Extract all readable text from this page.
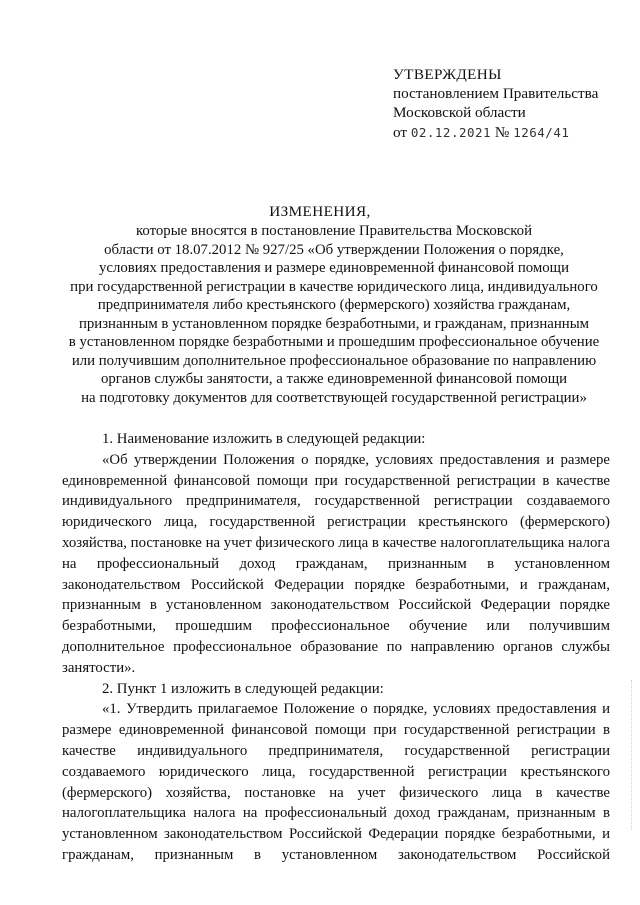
УТВЕРЖДЕНЫ
постановлением Правительства
Московской области
от 02.12.2021 № 1264/41
ИЗМЕНЕНИЯ,
которые вносятся в постановление Правительства Московской
области от 18.07.2012 № 927/25 «Об утверждении Положения о порядке,
условиях предоставления и размере единовременной финансовой помощи
при государственной регистрации в качестве юридического лица, индивидуального
предпринимателя либо крестьянского (фермерского) хозяйства гражданам,
признанным в установленном порядке безработными, и гражданам, признанным
в установленном порядке безработными и прошедшим профессиональное обучение
или получившим дополнительное профессиональное образование по направлению
органов службы занятости, а также единовременной финансовой помощи
на подготовку документов для соответствующей государственной регистрации»

1. Наименование изложить в следующей редакции:

«Об утверждении Положения о порядке, условиях предоставления и размере единовременной финансовой помощи при государственной регистрации в качестве индивидуального предпринимателя, государственной регистрации создаваемого юридического лица, государственной регистрации крестьянского (фермерского) хозяйства, постановке на учет физического лица в качестве налогоплательщика налога на профессиональный доход гражданам, признанным в установленном законодательством Российской Федерации порядке безработными, и гражданам, признанным в установленном законодательством Российской Федерации порядке безработными, прошедшим профессиональное обучение или получившим дополнительное профессиональное образование по направлению органов службы занятости».

2. Пункт 1 изложить в следующей редакции:

«1. Утвердить прилагаемое Положение о порядке, условиях предоставления и размере единовременной финансовой помощи при государственной регистрации в качестве индивидуального предпринимателя, государственной регистрации создаваемого юридического лица, государственной регистрации крестьянского (фермерского) хозяйства, постановке на учет физического лица в качестве налогоплательщика налога на профессиональный доход гражданам, признанным в установленном законодательством Российской Федерации порядке безработными, и гражданам, признанным в установленном законодательством Российской
